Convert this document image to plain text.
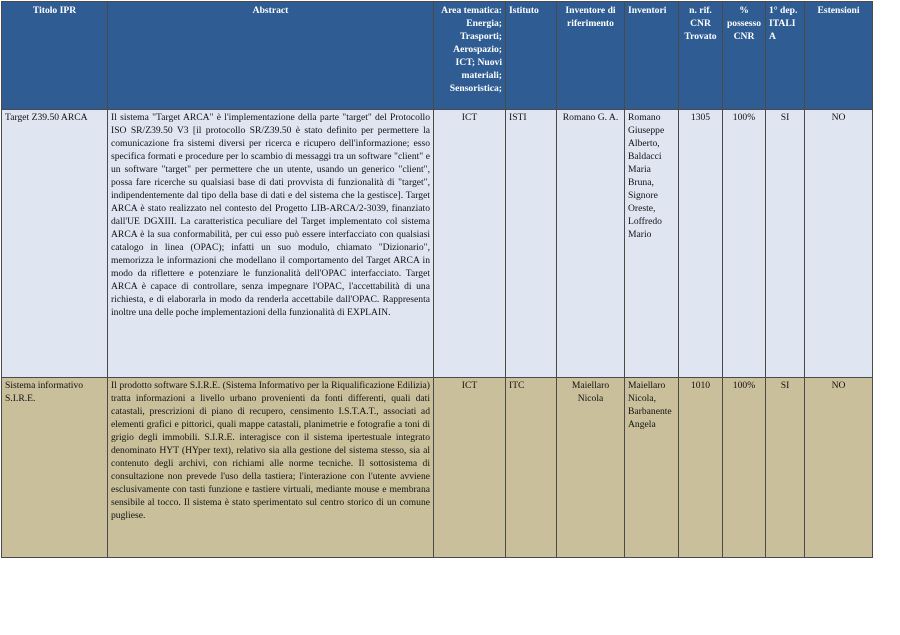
Titolo IPR	Abstract	Area tematica: Energia; Trasporti; Aerospazio; ICT; Nuovi materiali; Sensoristica;	Istituto	Inventore di riferimento	Inventori	n. rif. CNR Trovato	% possesso CNR	1° dep. ITALIA	Estensioni
Target Z39.50 ARCA	Il sistema "Target ARCA" è l'implementazione della parte "target" del Protocollo ISO SR/Z39.50 V3 [il protocollo SR/Z39.50 è stato definito per permettere la comunicazione fra sistemi diversi per ricerca e ricupero dell'informazione; esso specifica formati e procedure per lo scambio di messaggi tra un software "client" e un software "target" per permettere che un utente, usando un generico "client", possa fare ricerche su qualsiasi base di dati provvista di funzionalità di "target", indipendentemente dal tipo della base di dati e del sistema che la gestisce]. Target ARCA è stato realizzato nel contesto del Progetto LIB-ARCA/2-3039, finanziato dall'UE DGXIII. La caratteristica peculiare del Target implementato col sistema ARCA è la sua conformabilità, per cui esso può essere interfacciato con qualsiasi catalogo in linea (OPAC); infatti un suo modulo, chiamato "Dizionario", memorizza le informazioni che modellano il comportamento del Target ARCA in modo da riflettere e potenziare le funzionalità dell'OPAC interfacciato. Target ARCA è capace di controllare, senza impegnare l'OPAC, l'accettabilità di una richiesta, e di elaborarla in modo da renderla accettabile dall'OPAC. Rappresenta inoltre una delle poche implementazioni della funzionalità di EXPLAIN.	ICT	ISTI	Romano G. A.	Romano Giuseppe Alberto, Baldacci Maria Bruna, Signore Oreste, Loffredo Mario	1305	100%	SI	NO
Sistema informativo S.I.R.E.	Il prodotto software S.I.R.E. (Sistema Informativo per la Riqualificazione Edilizia) tratta informazioni a livello urbano provenienti da fonti differenti, quali dati catastali, prescrizioni di piano di recupero, censimento I.S.T.A.T., associati ad elementi grafici e pittorici, quali mappe catastali, planimetrie e fotografie a toni di grigio degli immobili. S.I.R.E. interagisce con il sistema ipertestuale integrato denominato HYT (HYper text), relativo sia alla gestione del sistema stesso, sia al contenuto degli archivi, con richiami alle norme tecniche. Il sottosistema di consultazione non prevede l'uso della tastiera; l'interazione con l'utente avviene esclusivamente con tasti funzione e tastiere virtuali, mediante mouse e membrana sensibile al tocco. Il sistema è stato sperimentato sul centro storico di un comune pugliese.	ICT	ITC	Maiellaro Nicola	Maiellaro Nicola, Barbanente Angela	1010	100%	SI	NO
